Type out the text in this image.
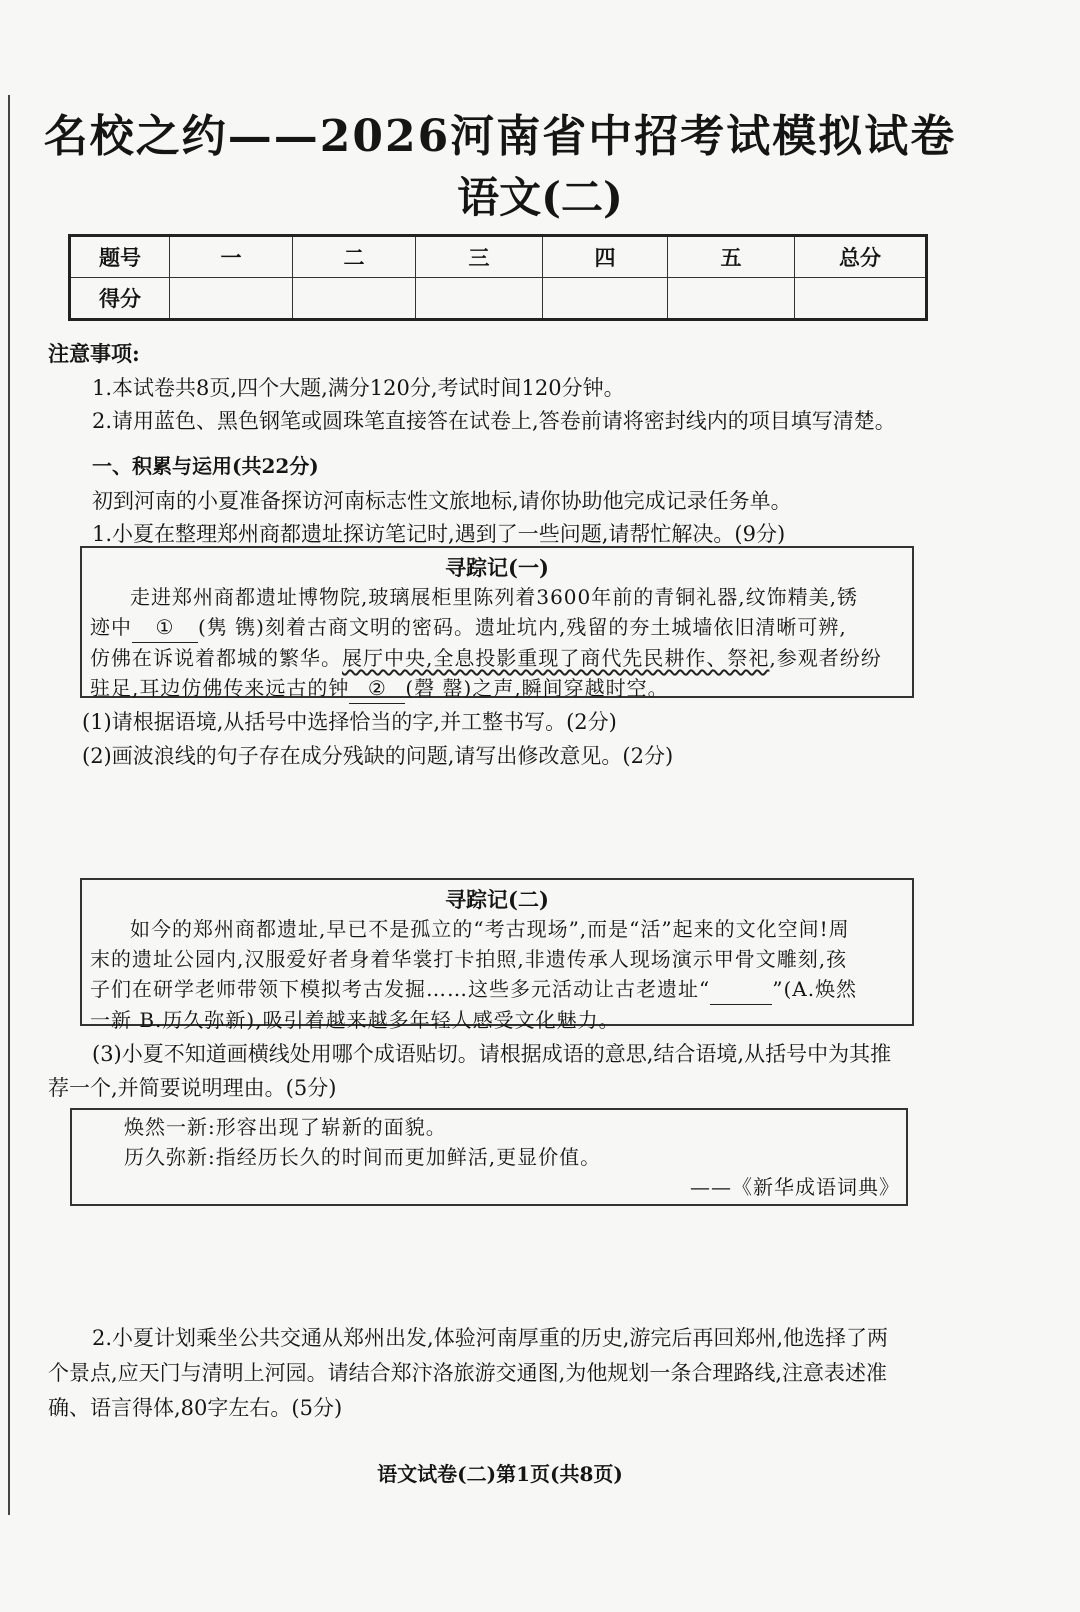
名校之约——2026河南省中招考试模拟试卷
语文(二)
题号	一	二	三	四	五	总分
得分						
注意事项:
1.本试卷共8页,四个大题,满分120分,考试时间120分钟。
2.请用蓝色、黑色钢笔或圆珠笔直接答在试卷上,答卷前请将密封线内的项目填写清楚。
一、积累与运用(共22分)
初到河南的小夏准备探访河南标志性文旅地标,请你协助他完成记录任务单。
1.小夏在整理郑州商都遗址探访笔记时,遇到了一些问题,请帮忙解决。(9分)
寻踪记(一)

走进郑州商都遗址博物院,玻璃展柜里陈列着3600年前的青铜礼器,纹饰精美,锈

迹中 ① (隽 镌)刻着古商文明的密码。遗址坑内,残留的夯土城墙依旧清晰可辨,

仿佛在诉说着都城的繁华。展厅中央,全息投影重现了商代先民耕作、祭祀,参观者纷纷

驻足,耳边仿佛传来远古的钟 ② (磬 罄)之声,瞬间穿越时空。

(1)请根据语境,从括号中选择恰当的字,并工整书写。(2分)
(2)画波浪线的句子存在成分残缺的问题,请写出修改意见。(2分)
寻踪记(二)

如今的郑州商都遗址,早已不是孤立的“考古现场”,而是“活”起来的文化空间!周

末的遗址公园内,汉服爱好者身着华裳打卡拍照,非遗传承人现场演示甲骨文雕刻,孩

子们在研学老师带领下模拟考古发掘……这些多元活动让古老遗址“	”(A.焕然

一新 B.历久弥新),吸引着越来越多年轻人感受文化魅力。

(3)小夏不知道画横线处用哪个成语贴切。请根据成语的意思,结合语境,从括号中为其推
荐一个,并简要说明理由。(5分)

焕然一新:形容出现了崭新的面貌。

历久弥新:指经历长久的时间而更加鲜活,更显价值。

——《新华成语词典》

2.小夏计划乘坐公共交通从郑州出发,体验河南厚重的历史,游完后再回郑州,他选择了两
个景点,应天门与清明上河园。请结合郑汴洛旅游交通图,为他规划一条合理路线,注意表述准
确、语言得体,80字左右。(5分)
语文试卷(二)第1页(共8页)
